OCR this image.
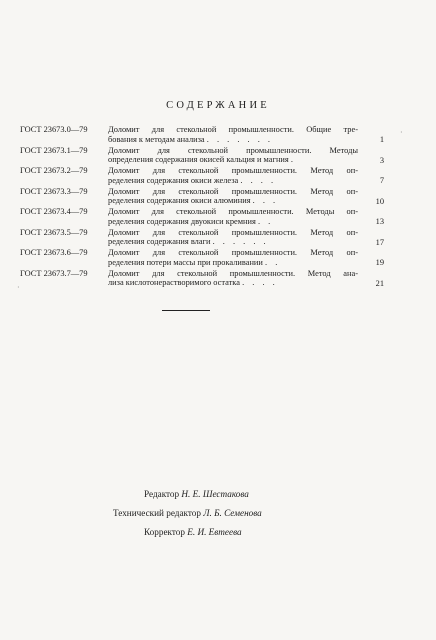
СОДЕРЖАНИЕ
ГОСТ 23673.0—79 Доломит для стекольной промышленности. Общие тре-
бования к методам анализа . . . . . . .	1
ГОСТ 23673.1—79 Доломит для стекольной промышленности. Методы
определения содержания окисей кальция и магния .	3
ГОСТ 23673.2—79 Доломит для стекольной промышленности. Метод оп-
ределения содержания окиси железа . . . .	7
ГОСТ 23673.3—79 Доломит для стекольной промышленности. Метод оп-
ределения содержания окиси алюминия . . .	10
ГОСТ 23673.4—79 Доломит для стекольной промышленности. Методы оп-
ределения содержания двуокиси кремния . .	13
ГОСТ 23673.5—79 Доломит для стекольной промышленности. Метод оп-
ределения содержания влаги . . . . . .	17
ГОСТ 23673.6—79 Доломит для стекольной промышленности. Метод оп-
ределения потери массы при прокаливании . .	19
ГОСТ 23673.7—79 Доломит для стекольной промышленности. Метод ана-
лиза кислотонерастворимого остатка . . . .	21
·
·
Редактор Н. Е. Шестакова
Технический редактор Л. Б. Семенова
Корректор Е. И. Евтеева
